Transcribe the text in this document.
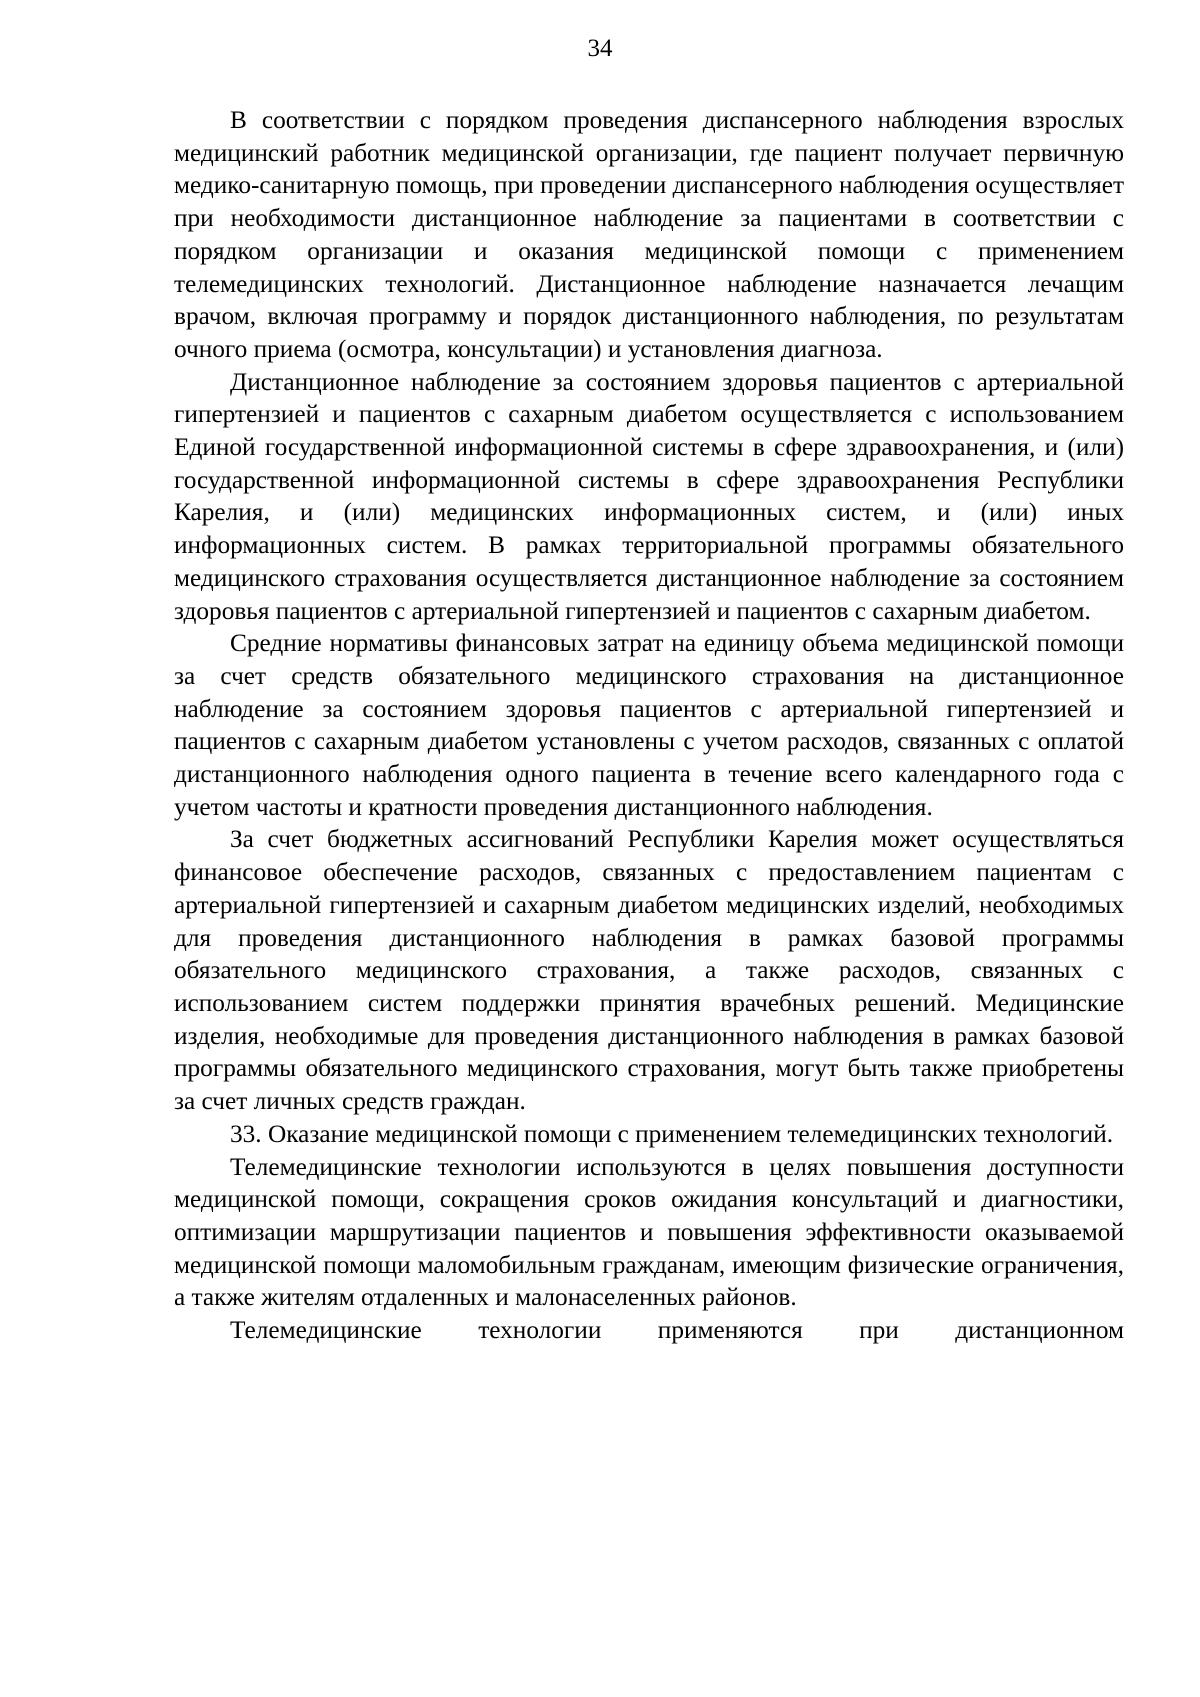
34

В соответствии с порядком проведения диспансерного наблюдения взрослых медицинский работник медицинской организации, где пациент получает первичную медико-санитарную помощь, при проведении диспансерного наблюдения осуществляет при необходимости дистанционное наблюдение за пациентами в соответствии с порядком организации и оказания медицинской помощи с применением телемедицинских технологий. Дистанционное наблюдение назначается лечащим врачом, включая программу и порядок дистанционного наблюдения, по результатам очного приема (осмотра, консультации) и установления диагноза.

Дистанционное наблюдение за состоянием здоровья пациентов с артериальной гипертензией и пациентов с сахарным диабетом осуществляется с использованием Единой государственной информационной системы в сфере здравоохранения, и (или) государственной информационной системы в сфере здравоохранения Республики Карелия, и (или) медицинских информационных систем, и (или) иных информационных систем. В рамках территориальной программы обязательного медицинского страхования осуществляется дистанционное наблюдение за состоянием здоровья пациентов с артериальной гипертензией и пациентов с сахарным диабетом.

Средние нормативы финансовых затрат на единицу объема медицинской помощи за счет средств обязательного медицинского страхования на дистанционное наблюдение за состоянием здоровья пациентов с артериальной гипертензией и пациентов с сахарным диабетом установлены с учетом расходов, связанных с оплатой дистанционного наблюдения одного пациента в течение всего календарного года с учетом частоты и кратности проведения дистанционного наблюдения.

За счет бюджетных ассигнований Республики Карелия может осуществляться финансовое обеспечение расходов, связанных с предоставлением пациентам с артериальной гипертензией и сахарным диабетом медицинских изделий, необходимых для проведения дистанционного наблюдения в рамках базовой программы обязательного медицинского страхования, а также расходов, связанных с использованием систем поддержки принятия врачебных решений. Медицинские изделия, необходимые для проведения дистанционного наблюдения в рамках базовой программы обязательного медицинского страхования, могут быть также приобретены за счет личных средств граждан.

33. Оказание медицинской помощи с применением телемедицинских технологий.

Телемедицинские технологии используются в целях повышения доступности медицинской помощи, сокращения сроков ожидания консультаций и диагностики, оптимизации маршрутизации пациентов и повышения эффективности оказываемой медицинской помощи маломобильным гражданам, имеющим физические ограничения, а также жителям отдаленных и малонаселенных районов.

Телемедицинские технологии применяются при дистанционном
